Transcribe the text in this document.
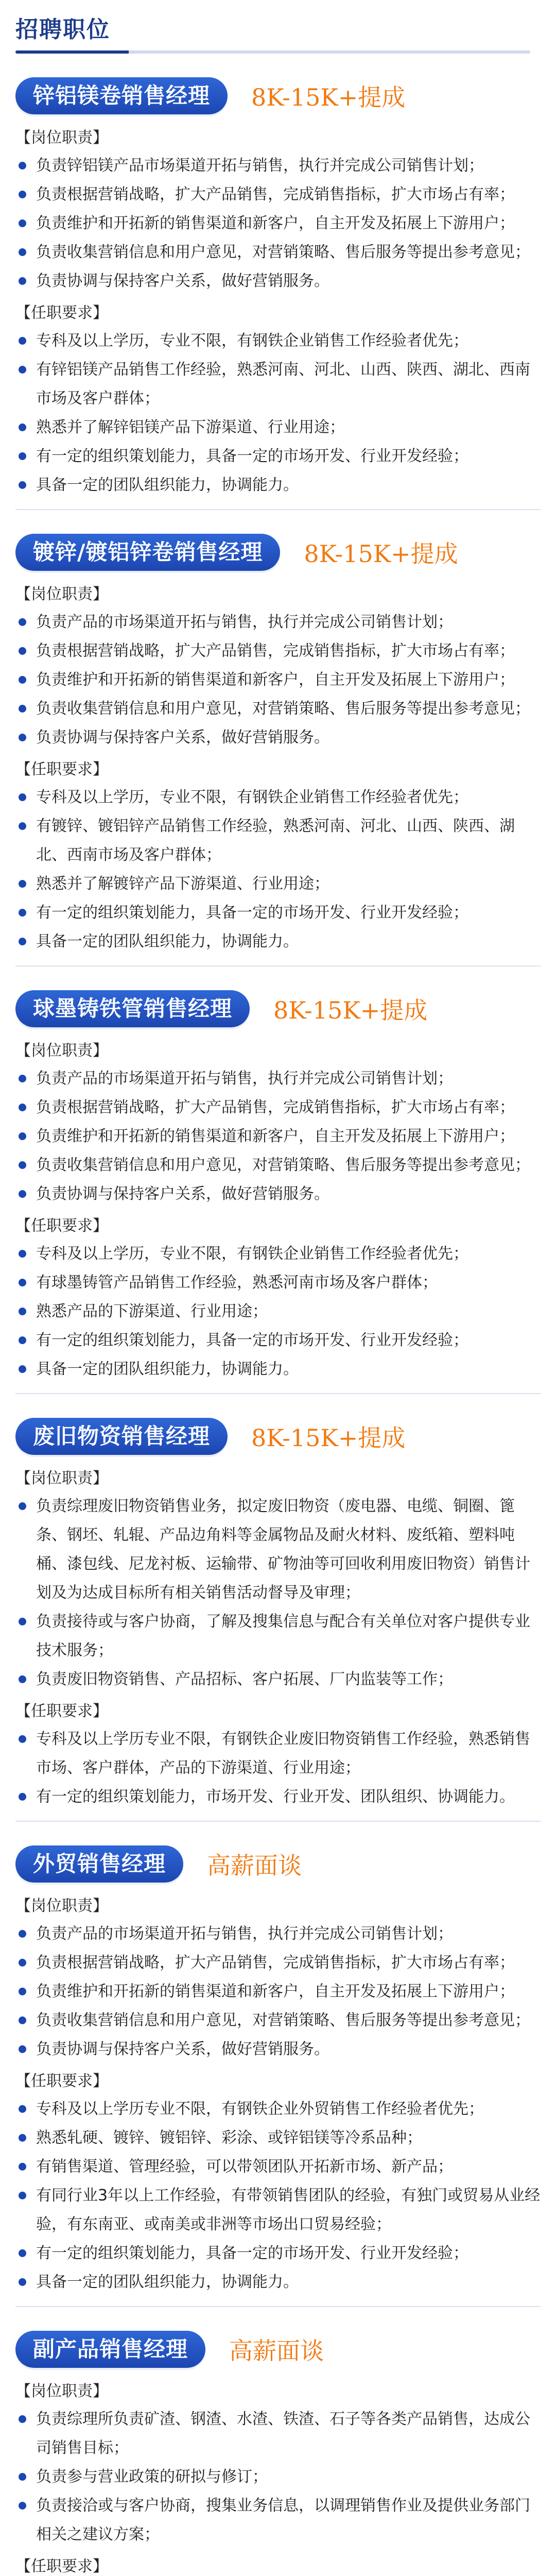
招聘职位
锌铝镁卷销售经理	8K-15K+提成
【岗位职责】
负责锌铝镁产品市场渠道开拓与销售，执行并完成公司销售计划；
负责根据营销战略，扩大产品销售，完成销售指标，扩大市场占有率；
负责维护和开拓新的销售渠道和新客户，自主开发及拓展上下游用户；
负责收集营销信息和用户意见，对营销策略、售后服务等提出参考意见；
负责协调与保持客户关系，做好营销服务。
【任职要求】
专科及以上学历，专业不限，有钢铁企业销售工作经验者优先；
有锌铝镁产品销售工作经验，熟悉河南、河北、山西、陕西、湖北、西南市场及客户群体；
熟悉并了解锌铝镁产品下游渠道、行业用途；
有一定的组织策划能力，具备一定的市场开发、行业开发经验；
具备一定的团队组织能力，协调能力。
镀锌/镀铝锌卷销售经理	8K-15K+提成
【岗位职责】
负责产品的市场渠道开拓与销售，执行并完成公司销售计划；
负责根据营销战略，扩大产品销售，完成销售指标，扩大市场占有率；
负责维护和开拓新的销售渠道和新客户，自主开发及拓展上下游用户；
负责收集营销信息和用户意见，对营销策略、售后服务等提出参考意见；
负责协调与保持客户关系，做好营销服务。
【任职要求】
专科及以上学历，专业不限，有钢铁企业销售工作经验者优先；
有镀锌、镀铝锌产品销售工作经验，熟悉河南、河北、山西、陕西、湖北、西南市场及客户群体；
熟悉并了解镀锌产品下游渠道、行业用途；
有一定的组织策划能力，具备一定的市场开发、行业开发经验；
具备一定的团队组织能力，协调能力。
球墨铸铁管销售经理	8K-15K+提成
【岗位职责】
负责产品的市场渠道开拓与销售，执行并完成公司销售计划；
负责根据营销战略，扩大产品销售，完成销售指标，扩大市场占有率；
负责维护和开拓新的销售渠道和新客户，自主开发及拓展上下游用户；
负责收集营销信息和用户意见，对营销策略、售后服务等提出参考意见；
负责协调与保持客户关系，做好营销服务。
【任职要求】
专科及以上学历，专业不限，有钢铁企业销售工作经验者优先；
有球墨铸管产品销售工作经验，熟悉河南市场及客户群体；
熟悉产品的下游渠道、行业用途；
有一定的组织策划能力，具备一定的市场开发、行业开发经验；
具备一定的团队组织能力，协调能力。
废旧物资销售经理	8K-15K+提成
【岗位职责】
负责综理废旧物资销售业务，拟定废旧物资（废电器、电缆、铜圈、篦条、钢坯、轧辊、产品边角料等金属物品及耐火材料、废纸箱、塑料吨桶、漆包线、尼龙衬板、运输带、矿物油等可回收利用废旧物资）销售计划及为达成目标所有相关销售活动督导及审理；
负责接待或与客户协商，了解及搜集信息与配合有关单位对客户提供专业技术服务；
负责废旧物资销售、产品招标、客户拓展、厂内监装等工作；
【任职要求】
专科及以上学历专业不限，有钢铁企业废旧物资销售工作经验，熟悉销售市场、客户群体，产品的下游渠道、行业用途；
有一定的组织策划能力，市场开发、行业开发、团队组织、协调能力。
外贸销售经理	高薪面谈
【岗位职责】
负责产品的市场渠道开拓与销售，执行并完成公司销售计划；
负责根据营销战略，扩大产品销售，完成销售指标，扩大市场占有率；
负责维护和开拓新的销售渠道和新客户，自主开发及拓展上下游用户；
负责收集营销信息和用户意见，对营销策略、售后服务等提出参考意见；
负责协调与保持客户关系，做好营销服务。
【任职要求】
专科及以上学历专业不限，有钢铁企业外贸销售工作经验者优先；
熟悉轧硬、镀锌、镀铝锌、彩涂、或锌铝镁等冷系品种；
有销售渠道、管理经验，可以带领团队开拓新市场、新产品；
有同行业3年以上工作经验，有带领销售团队的经验，有独门或贸易从业经验，有东南亚、或南美或非洲等市场出口贸易经验；
有一定的组织策划能力，具备一定的市场开发、行业开发经验；
具备一定的团队组织能力，协调能力。
副产品销售经理	高薪面谈
【岗位职责】
负责综理所负责矿渣、钢渣、水渣、铁渣、石子等各类产品销售，达成公司销售目标；
负责参与营业政策的研拟与修订；
负责接洽或与客户协商，搜集业务信息，以调理销售作业及提供业务部门相关之建议方案；
【任职要求】
